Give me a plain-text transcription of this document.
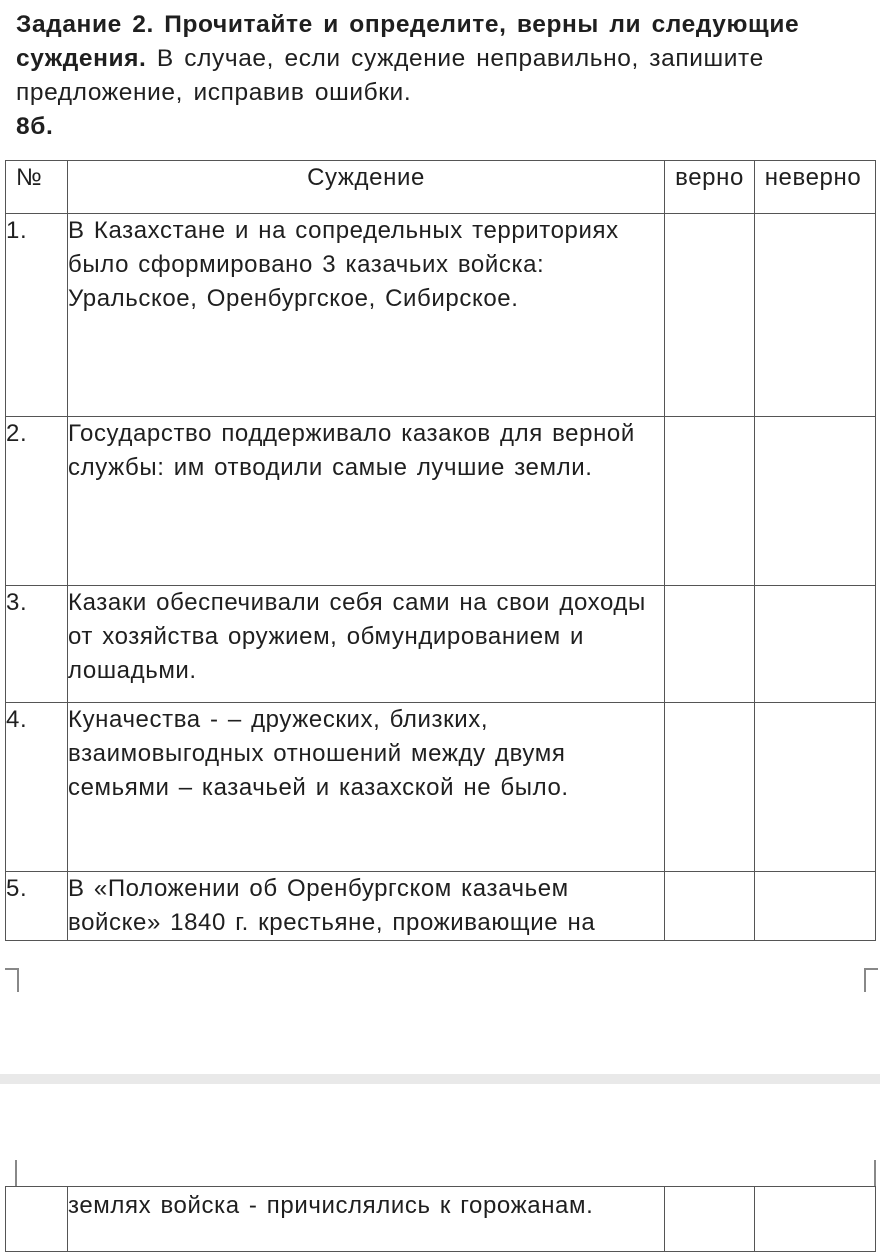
Задание 2. Прочитайте и определите, верны ли следующие суждения. В случае, если суждение неправильно, запишите предложение, исправив ошибки.
8б.
№	Суждение	верно	неверно
1.	В Казахстане и на сопредельных территориях было сформировано 3 казачьих войска: Уральское, Оренбургское, Сибирское.		
2.	Государство поддерживало казаков для верной службы: им отводили самые лучшие земли.		
3.	Казаки обеспечивали себя сами на свои доходы от хозяйства оружием, обмундированием и лошадьми.		
4.	Куначества - – дружеских, близких, взаимовыгодных отношений между двумя семьями – казачьей и казахской не было.		
5.	В «Положении об Оренбургском казачьем войске» 1840 г. крестьяне, проживающие на		
	землях войска - причислялись к горожанам.		
